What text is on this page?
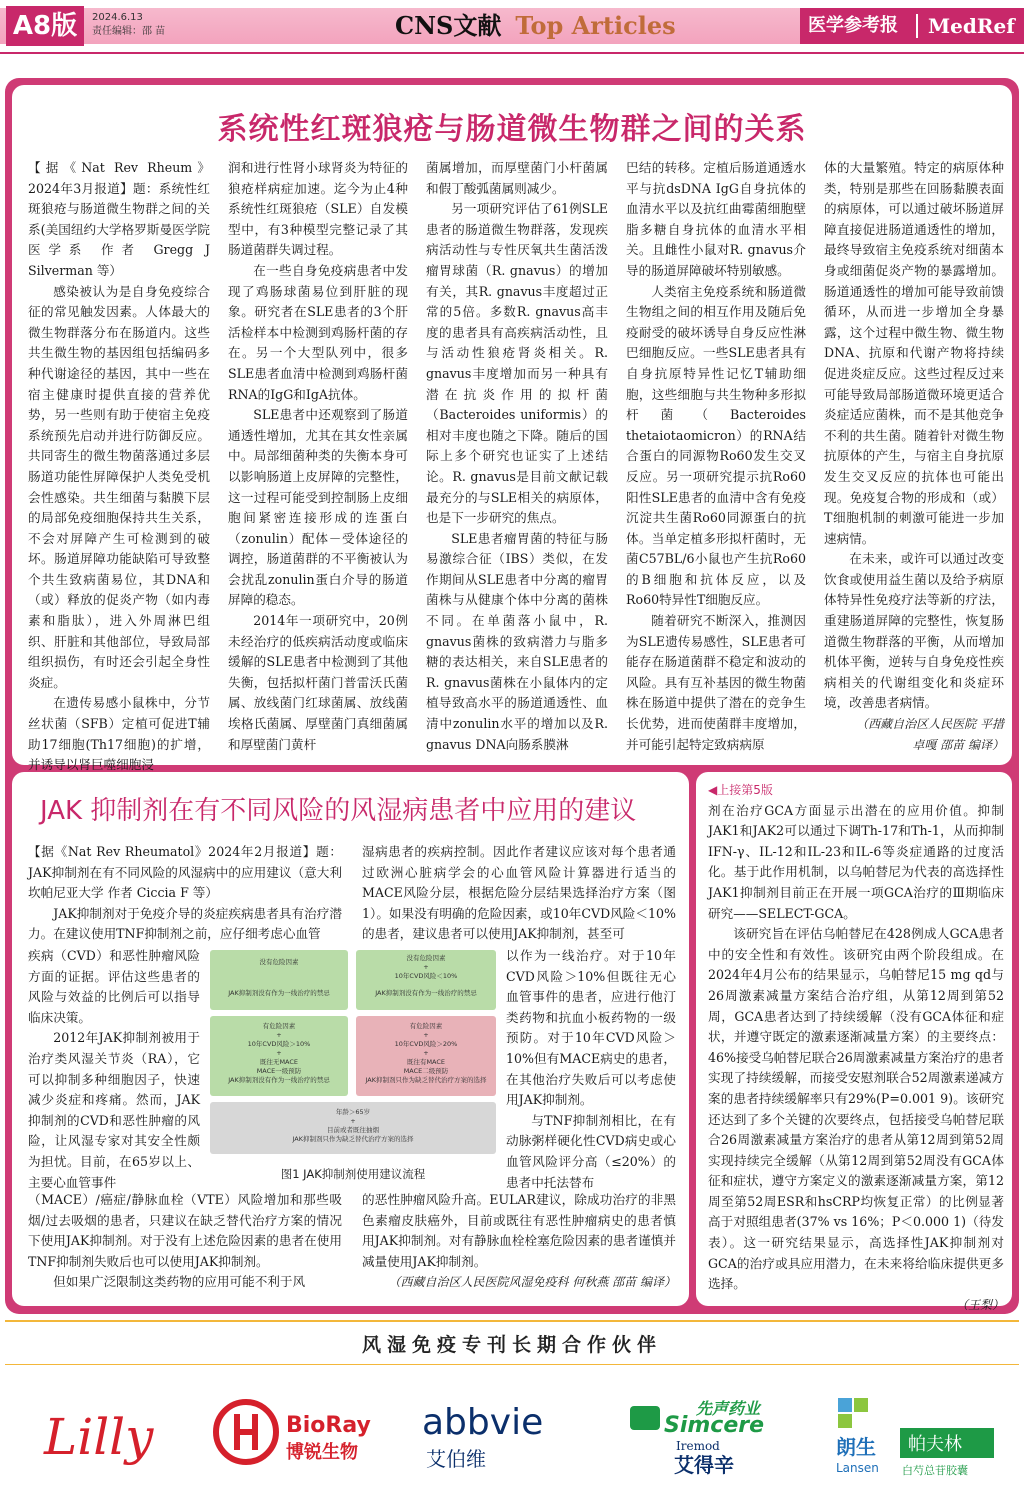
A8版	2024.6.13
责任编辑：邵 苗	CNS文献 Top Articles	医学参考报 MedRef
系统性红斑狼疮与肠道微生物群之间的关系

【据《Nat Rev Rheum》2024年3月报道】题：系统性红斑狼疮与肠道微生物群之间的关系(美国纽约大学格罗斯曼医学院医学系 作者 Gregg J Silverman 等）

感染被认为是自身免疫综合征的常见触发因素。人体最大的微生物群落分布在肠道内。这些共生微生物的基因组包括编码多种代谢途径的基因，其中一些在宿主健康时提供直接的营养优势，另一些则有助于使宿主免疫系统预先启动并进行防御反应。共同寄生的微生物菌落通过多层肠道功能性屏障保护人类免受机会性感染。共生细菌与黏膜下层的局部免疫细胞保持共生关系，不会对屏障产生可检测到的破坏。肠道屏障功能缺陷可导致整个共生致病菌易位，其DNA和（或）释放的促炎产物（如内毒素和脂肽），进入外周淋巴组织、肝脏和其他部位，导致局部组织损伤，有时还会引起全身性炎症。

在遗传易感小鼠株中，分节丝状菌（SFB）定植可促进T辅助17细胞(Th17细胞)的扩增，并诱导以肾巨噬细胞浸

润和进行性肾小球肾炎为特征的狼疮样病症加速。迄今为止4种系统性红斑狼疮（SLE）自发模型中，有3种模型完整记录了其肠道菌群失调过程。

在一些自身免疫病患者中发现了鸡肠球菌易位到肝脏的现象。研究者在SLE患者的3个肝活检样本中检测到鸡肠杆菌的存在。另一个大型队列中，很多SLE患者血清中检测到鸡肠杆菌RNA的IgG和IgA抗体。

SLE患者中还观察到了肠道通透性增加，尤其在其女性亲属中。局部细菌种类的失衡本身可以影响肠道上皮屏障的完整性，这一过程可能受到控制肠上皮细胞间紧密连接形成的连蛋白（zonulin）配体－受体途径的调控，肠道菌群的不平衡被认为会扰乱zonulin蛋白介导的肠道屏障的稳态。

2014年一项研究中，20例未经治疗的低疾病活动度或临床缓解的SLE患者中检测到了其他失衡，包括拟杆菌门普雷沃氏菌属、放线菌门红球菌属、放线菌埃格氏菌属、厚壁菌门真细菌属和厚壁菌门黄杆

菌属增加，而厚壁菌门小杆菌属和假丁酸弧菌属则减少。

另一项研究评估了61例SLE患者的肠道微生物群落，发现疾病活动性与专性厌氧共生菌活泼瘤胃球菌（R. gnavus）的增加有关，其R. gnavus丰度超过正常的5倍。多数R. gnavus高丰度的患者具有高疾病活动性，且与活动性狼疮肾炎相关。R. gnavus丰度增加而另一种具有潜在抗炎作用的拟杆菌（Bacteroides uniformis）的相对丰度也随之下降。随后的国际上多个研究也证实了上述结论。R. gnavus是目前文献记载最充分的与SLE相关的病原体，也是下一步研究的焦点。

SLE患者瘤胃菌的特征与肠易激综合征（IBS）类似，在发作期间从SLE患者中分离的瘤胃菌株与从健康个体中分离的菌株不同。在单菌落小鼠中，R. gnavus菌株的致病潜力与脂多糖的表达相关，来自SLE患者的R. gnavus菌株在小鼠体内的定植导致高水平的肠道通透性、血清中zonulin水平的增加以及R. gnavus DNA向肠系膜淋

巴结的转移。定植后肠道通透水平与抗dsDNA IgG自身抗体的血清水平以及抗红曲霉菌细胞壁脂多糖自身抗体的血清水平相关。且雌性小鼠对R. gnavus介导的肠道屏障破坏特别敏感。

人类宿主免疫系统和肠道微生物组之间的相互作用及随后免疫耐受的破坏诱导自身反应性淋巴细胞反应。一些SLE患者具有自身抗原特异性记忆T辅助细胞，这些细胞与共生物种多形拟杆菌（Bacteroides thetaiotaomicron）的RNA结合蛋白的同源物Ro60发生交叉反应。另一项研究提示抗Ro60阳性SLE患者的血清中含有免疫沉淀共生菌Ro60同源蛋白的抗体。当单定植多形拟杆菌时，无菌C57BL/6小鼠也产生抗Ro60的B细胞和抗体反应，以及Ro60特异性T细胞反应。

随着研究不断深入，推测因为SLE遗传易感性，SLE患者可能存在肠道菌群不稳定和波动的风险。具有互补基因的微生物菌株在肠道中提供了潜在的竞争生长优势，进而使菌群丰度增加，并可能引起特定致病病原

体的大量繁殖。特定的病原体种类，特别是那些在回肠黏膜表面的病原体，可以通过破坏肠道屏障直接促进肠道通透性的增加，最终导致宿主免疫系统对细菌本身或细菌促炎产物的暴露增加。肠道通透性的增加可能导致前馈循环，从而进一步增加全身暴露，这个过程中微生物、微生物DNA、抗原和代谢产物将持续促进炎症反应。这些过程反过来可能导致局部肠道微环境更适合炎症适应菌株，而不是其他竞争不利的共生菌。随着针对微生物抗原体的产生，与宿主自身抗原发生交叉反应的抗体也可能出现。免疫复合物的形成和（或）T细胞机制的刺激可能进一步加速病情。

在未来，或许可以通过改变饮食或使用益生菌以及给予病原体特异性免疫疗法等新的疗法，重建肠道屏障的完整性，恢复肠道微生物群落的平衡，从而增加机体平衡，逆转与自身免疫性疾病相关的代谢组变化和炎症环境，改善患者病情。

（西藏自治区人民医院 平措卓嘎 邵苗 编译）

JAK 抑制剂在有不同风险的风湿病患者中应用的建议

【据《Nat Rev Rheumatol》2024年2月报道】题：JAK抑制剂在有不同风险的风湿病中的应用建议（意大利坎帕尼亚大学 作者 Ciccia F 等）

JAK抑制剂对于免疫介导的炎症疾病患者具有治疗潜力。在建议使用TNF抑制剂之前，应仔细考虑心血管

疾病（CVD）和恶性肿瘤风险方面的证据。评估这些患者的风险与效益的比例后可以指导临床决策。

2012年JAK抑制剂被用于治疗类风湿关节炎（RA），它可以抑制多种细胞因子，快速减少炎症和疼痛。然而，JAK抑制剂的CVD和恶性肿瘤的风险，让风湿专家对其安全性颇为担忧。目前，在65岁以上、主要心血管事件

（MACE）/癌症/静脉血栓（VTE）风险增加和那些吸烟/过去吸烟的患者，只建议在缺乏替代治疗方案的情况下使用JAK抑制剂。对于没有上述危险因素的患者在使用TNF抑制剂失败后也可以使用JAK抑制剂。

但如果广泛限制这类药物的应用可能不利于风

湿病患者的疾病控制。因此作者建议应该对每个患者通过欧洲心脏病学会的心血管风险计算器进行适当的MACE风险分层，根据危险分层结果选择治疗方案（图1）。如果没有明确的危险因素，或10年CVD风险＜10%的患者，建议患者可以使用JAK抑制剂，甚至可

以作为一线治疗。对于10年CVD风险＞10%但既往无心血管事件的患者，应进行他汀类药物和抗血小板药物的一级预防。对于10年CVD风险＞10%但有MACE病史的患者，在其他治疗失败后可以考虑使用JAK抑制剂。

与TNF抑制剂相比，在有动脉粥样硬化性CVD病史或心血管风险评分高（≤20%）的患者中托法替布

的恶性肿瘤风险升高。EULAR建议，除成功治疗的非黑色素瘤皮肤癌外，目前或既往有恶性肿瘤病史的患者慎用JAK抑制剂。对有静脉血栓栓塞危险因素的患者谨慎并减量使用JAK抑制剂。

（西藏自治区人民医院风湿免疫科 何秋燕 邵苗 编译）

没有危险因素
JAK抑制剂没有作为一线治疗的禁忌
没有危险因素
+
10年CVD风险＜10%
JAK抑制剂没有作为一线治疗的禁忌
有危险因素
+
10年CVD风险＞10%
+
既往无MACE
MACE一级预防
JAK抑制剂没有作为一线治疗的禁忌
有危险因素
+
10年CVD风险＞20%
+
既往有MACE
MACE二级预防
JAK抑制剂只作为缺乏替代治疗方案的选择
年龄＞65岁
+
目前或者既往抽烟
JAK抑制剂只作为缺乏替代治疗方案的选择
图1 JAK抑制剂使用建议流程

◀上接第5版

剂在治疗GCA方面显示出潜在的应用价值。抑制JAK1和JAK2可以通过下调Th-17和Th-1，从而抑制IFN-γ、IL-12和IL-23和IL-6等炎症通路的过度活化。基于此作用机制，以乌帕替尼为代表的高选择性JAK1抑制剂目前正在开展一项GCA治疗的Ⅲ期临床研究——SELECT-GCA。

该研究旨在评估乌帕替尼在428例成人GCA患者中的安全性和有效性。该研究由两个阶段组成。在2024年4月公布的结果显示，乌帕替尼15 mg qd与26周激素减量方案结合治疗组，从第12周到第52周，GCA患者达到了持续缓解（没有GCA体征和症状，并遵守既定的激素逐渐减量方案）的主要终点：46%接受乌帕替尼联合26周激素减量方案治疗的患者实现了持续缓解，而接受安慰剂联合52周激素递减方案的患者持续缓解率只有29%(P=0.001 9)。该研究还达到了多个关键的次要终点，包括接受乌帕替尼联合26周激素减量方案治疗的患者从第12周到第52周实现持续完全缓解（从第12周到第52周没有GCA体征和症状，遵守方案定义的激素逐渐减量方案，第12周至第52周ESR和hsCRP均恢复正常）的比例显著高于对照组患者(37% vs 16%；P＜0.000 1)（待发表）。这一研究结果显示，高选择性JAK抑制剂对GCA的治疗或具应用潜力，在未来将给临床提供更多选择。

（王梨）

风湿免疫专刊长期合作伙伴
Lilly	BioRay
博锐生物
abbvie
艾伯维
先声药业
Simcere
Iremod
艾得辛
朗生
Lansen
帕夫林
白芍总苷胶囊
